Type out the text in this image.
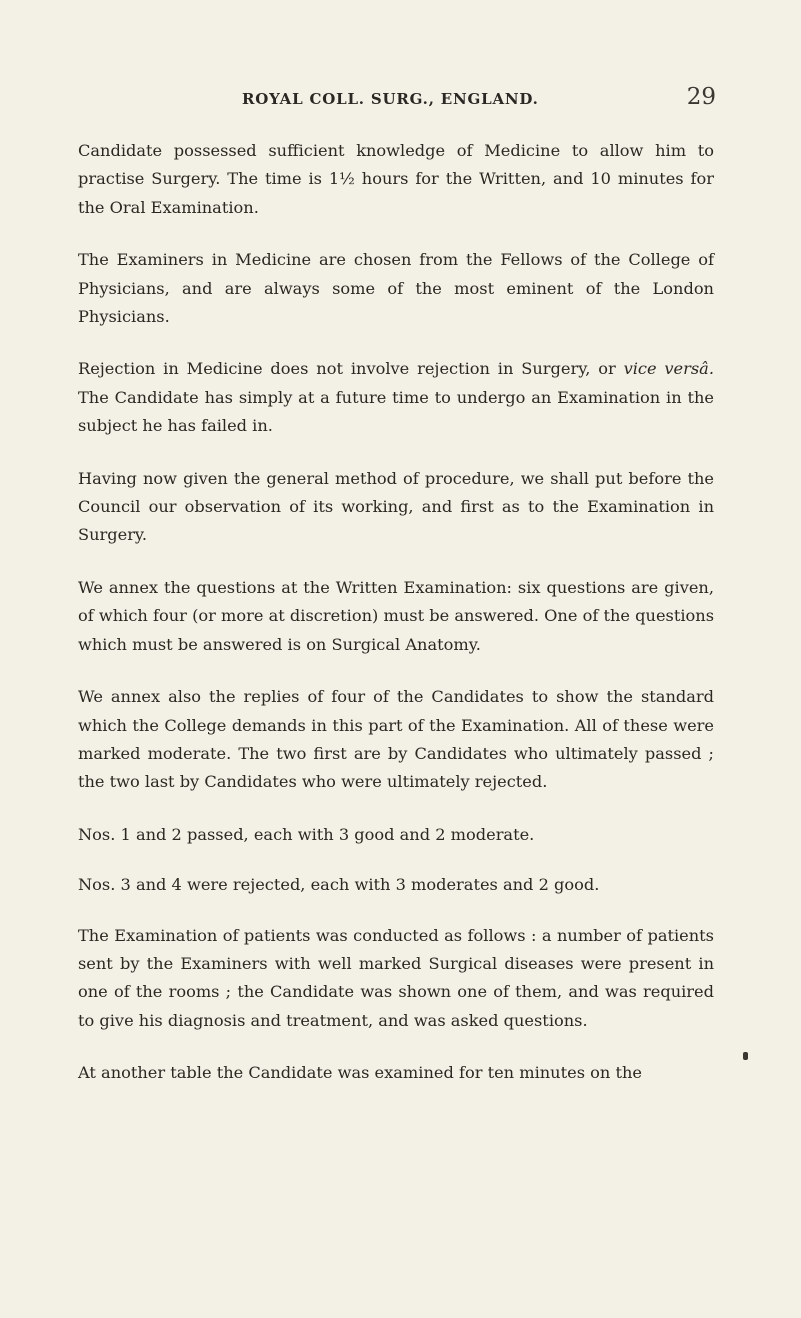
ROYAL COLL. SURG., ENGLAND.	29

Candidate possessed sufficient knowledge of Medicine to allow him to practise Surgery. The time is 1½ hours for the Written, and 10 minutes for the Oral Examination.

The Examiners in Medicine are chosen from the Fellows of the College of Physicians, and are always some of the most eminent of the London Physicians.

Rejection in Medicine does not involve rejection in Surgery, or vice versâ. The Candidate has simply at a future time to undergo an Examination in the subject he has failed in.

Having now given the general method of procedure, we shall put before the Council our observation of its working, and first as to the Examination in Surgery.

We annex the questions at the Written Examination: six questions are given, of which four (or more at discretion) must be answered. One of the questions which must be answered is on Surgical Anatomy.

We annex also the replies of four of the Candidates to show the standard which the College demands in this part of the Examination. All of these were marked moderate. The two first are by Candidates who ultimately passed ; the two last by Candidates who were ultimately rejected.

Nos. 1 and 2 passed, each with 3 good and 2 moderate.

Nos. 3 and 4 were rejected, each with 3 moderates and 2 good.

The Examination of patients was conducted as follows : a number of patients sent by the Examiners with well marked Surgical diseases were present in one of the rooms ; the Candidate was shown one of them, and was required to give his diagnosis and treatment, and was asked questions.

At another table the Candidate was examined for ten minutes on the
